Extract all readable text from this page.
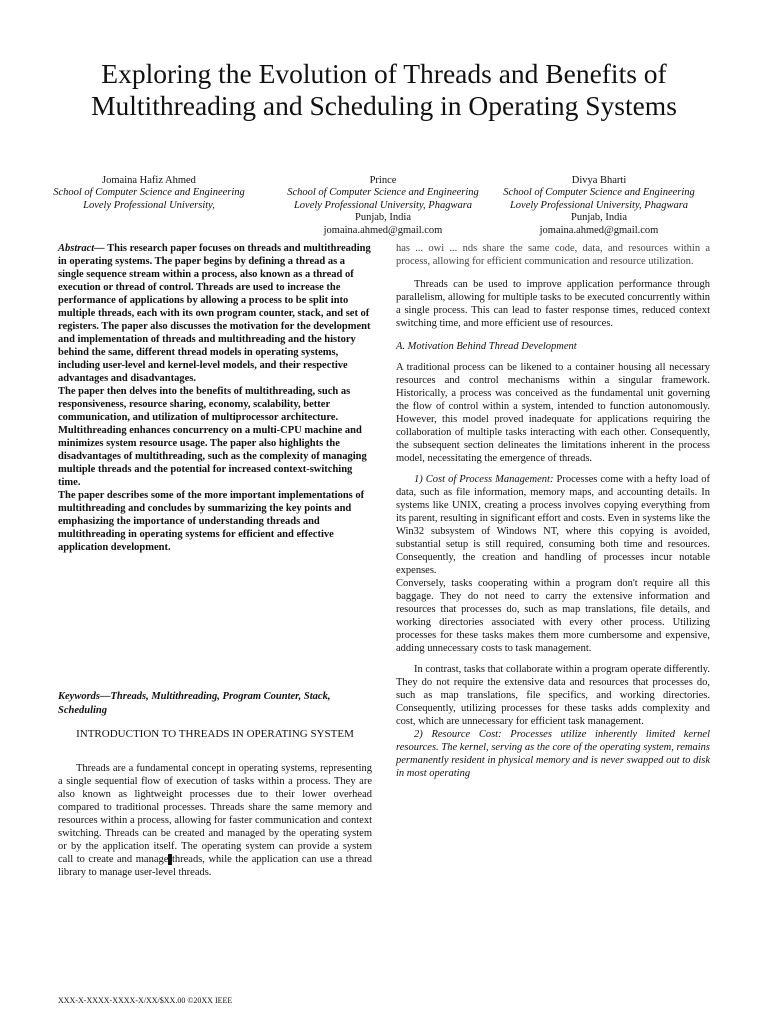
Exploring the Evolution of Threads and Benefits of Multithreading and Scheduling in Operating Systems
Jomaina Hafiz Ahmed
School of Computer Science and Engineering
Lovely Professional University,
Prince
School of Computer Science and Engineering
Lovely Professional University, Phagwara
Punjab, India
jomaina.ahmed@gmail.com
Divya Bharti
School of Computer Science and Engineering
Lovely Professional University, Phagwara
Punjab, India
jomaina.ahmed@gmail.com

Abstract— This research paper focuses on threads and multithreading in operating systems. The paper begins by defining a thread as a single sequence stream within a process, also known as a thread of execution or thread of control. Threads are used to increase the performance of applications by allowing a process to be split into multiple threads, each with its own program counter, stack, and set of registers. The paper also discusses the motivation for the development and implementation of threads and multithreading and the history behind the same, different thread models in operating systems, including user-level and kernel-level models, and their respective advantages and disadvantages.

The paper then delves into the benefits of multithreading, such as responsiveness, resource sharing, economy, scalability, better communication, and utilization of multiprocessor architecture. Multithreading enhances concurrency on a multi-CPU machine and minimizes system resource usage. The paper also highlights the disadvantages of multithreading, such as the complexity of managing multiple threads and the potential for increased context-switching time.

The paper describes some of the more important implementations of multithreading and concludes by summarizing the key points and emphasizing the importance of understanding threads and multithreading in operating systems for efficient and effective application development.

Keywords—Threads, Multithreading, Program Counter, Stack, Scheduling
INTRODUCTION TO THREADS IN OPERATING SYSTEM

Threads are a fundamental concept in operating systems, representing a single sequential flow of execution of tasks within a process. They are also known as lightweight processes due to their lower overhead compared to traditional processes. Threads share the same memory and resources within a process, allowing for faster communication and context switching. Threads can be created and managed by the operating system or by the application itself. The operating system can provide a system call to create and manage threads, while the application can use a thread library to manage user-level threads.

has ... owi ... nds share the same code, data, and resources within a process, allowing for efficient communication and resource utilization.

Threads can be used to improve application performance through parallelism, allowing for multiple tasks to be executed concurrently within a single process. This can lead to faster response times, reduced context switching time, and more efficient use of resources.

A. Motivation Behind Thread Development

A traditional process can be likened to a container housing all necessary resources and control mechanisms within a singular framework. Historically, a process was conceived as the fundamental unit governing the flow of control within a system, intended to function autonomously. However, this model proved inadequate for applications requiring the collaboration of multiple tasks interacting with each other. Consequently, the subsequent section delineates the limitations inherent in the process model, necessitating the emergence of threads.

1) Cost of Process Management: Processes come with a hefty load of data, such as file information, memory maps, and accounting details. In systems like UNIX, creating a process involves copying everything from its parent, resulting in significant effort and costs. Even in systems like the Win32 subsystem of Windows NT, where this copying is avoided, substantial setup is still required, consuming both time and resources. Consequently, the creation and handling of processes incur notable expenses.

Conversely, tasks cooperating within a program don't require all this baggage. They do not need to carry the extensive information and resources that processes do, such as map translations, file details, and working directories associated with every other process. Utilizing processes for these tasks makes them more cumbersome and expensive, adding unnecessary costs to task management.

In contrast, tasks that collaborate within a program operate differently. They do not require the extensive data and resources that processes do, such as map translations, file specifics, and working directories. Consequently, utilizing processes for these tasks adds complexity and cost, which are unnecessary for efficient task management.

2) Resource Cost: Processes utilize inherently limited kernel resources. The kernel, serving as the core of the operating system, remains permanently resident in physical memory and is never swapped out to disk in most operating

XXX-X-XXXX-XXXX-X/XX/$XX.00 ©20XX IEEE
